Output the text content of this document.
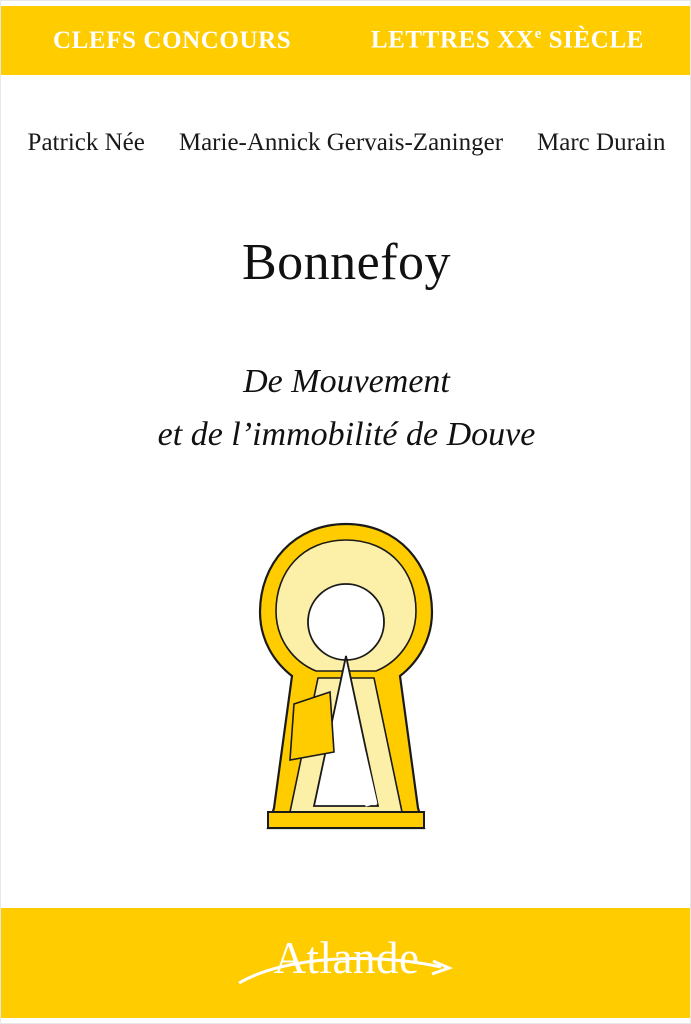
CLEFS CONCOURS	LETTRES XXe SIÈCLE
Patrick Née Marie-Annick Gervais-Zaninger Marc Durain
Bonnefoy
De Mouvement
et de l’immobilité de Douve
Atlande
